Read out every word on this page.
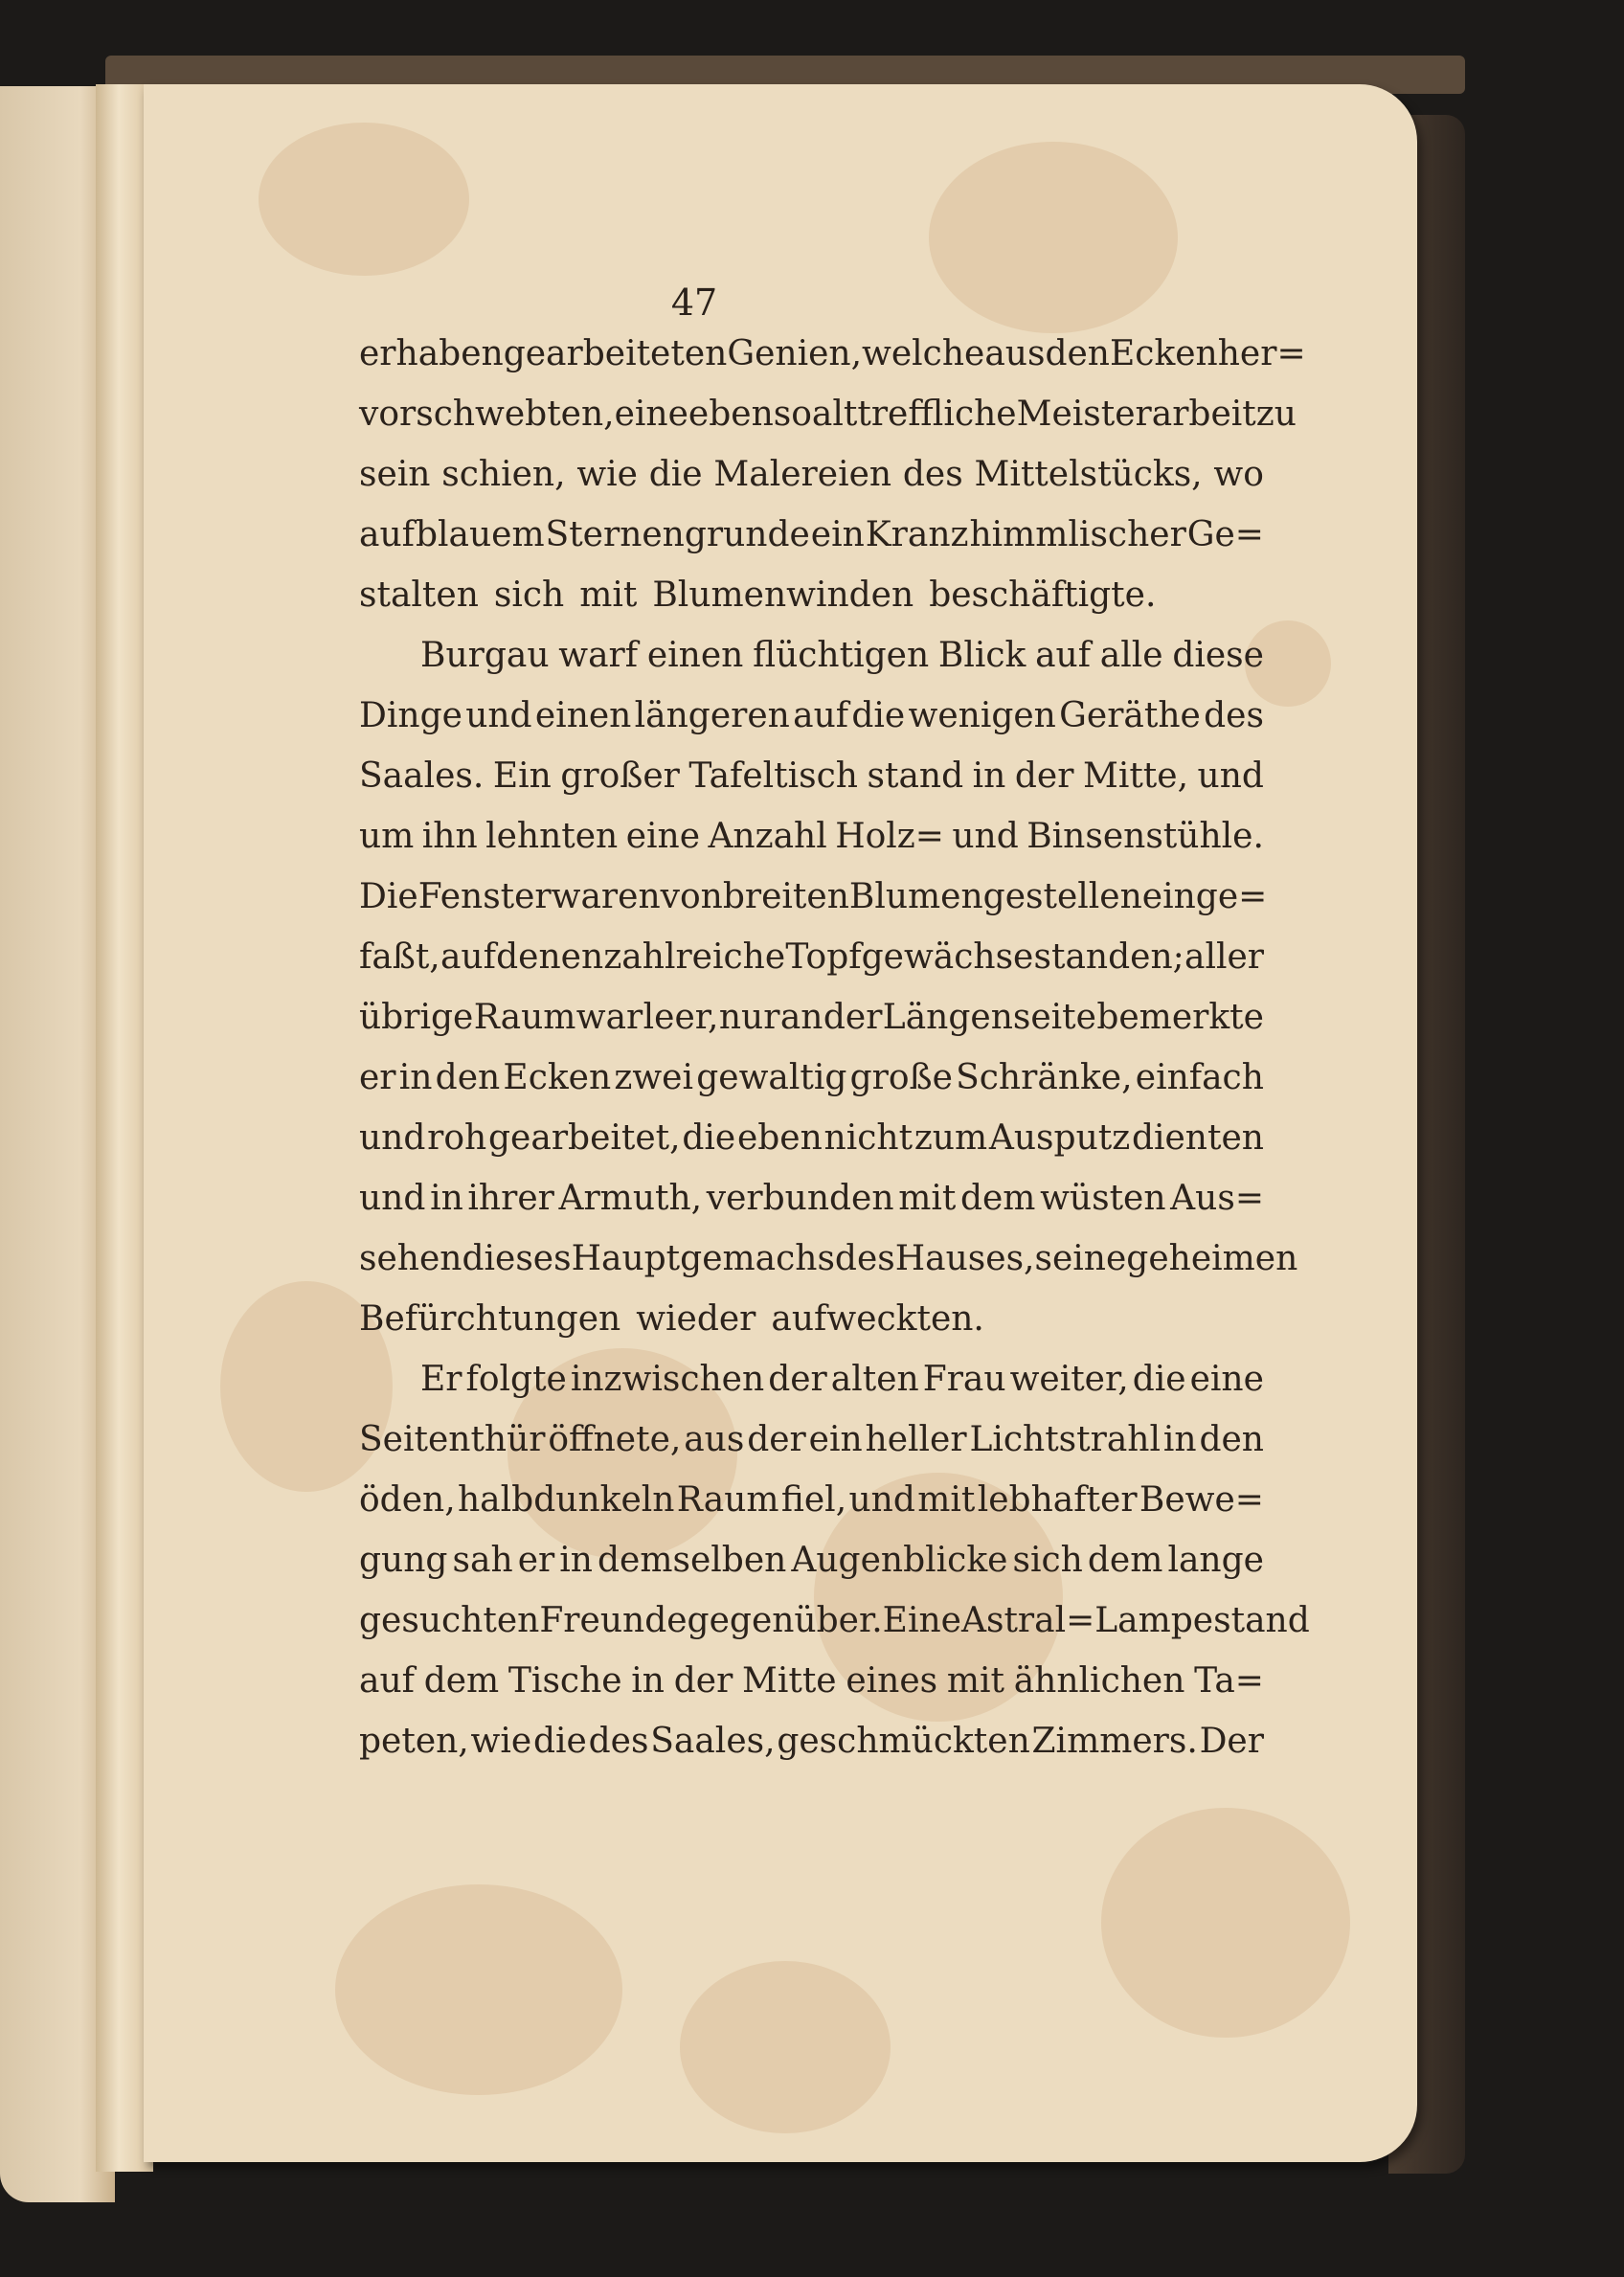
47
erhaben gearbeiteten Genien, welche aus den Ecken her=
vorschwebten, eine eben so alttreffliche Meisterarbeit zu
sein schien, wie die Malereien des Mittelstücks, wo
auf blauem Sternengrunde ein Kranz himmlischer Ge=
stalten sich mit Blumenwinden beschäftigte.
Burgau warf einen flüchtigen Blick auf alle diese
Dinge und einen längeren auf die wenigen Geräthe des
Saales. Ein großer Tafeltisch stand in der Mitte, und
um ihn lehnten eine Anzahl Holz= und Binsenstühle.
Die Fenster waren von breiten Blumengestellen einge=
faßt, auf denen zahlreiche Topfgewächse standen; aller
übrige Raum war leer, nur an der Längenseite bemerkte
er in den Ecken zwei gewaltig große Schränke, einfach
und roh gearbeitet, die eben nicht zum Ausputz dienten
und in ihrer Armuth, verbunden mit dem wüsten Aus=
sehen dieses Hauptgemachs des Hauses, seine geheimen
Befürchtungen wieder aufweckten.
Er folgte inzwischen der alten Frau weiter, die eine
Seitenthür öffnete, aus der ein heller Lichtstrahl in den
öden, halbdunkeln Raum fiel, und mit lebhafter Bewe=
gung sah er in demselben Augenblicke sich dem lange
gesuchten Freunde gegenüber. Eine Astral=Lampe stand
auf dem Tische in der Mitte eines mit ähnlichen Ta=
peten, wie die des Saales, geschmückten Zimmers. Der
